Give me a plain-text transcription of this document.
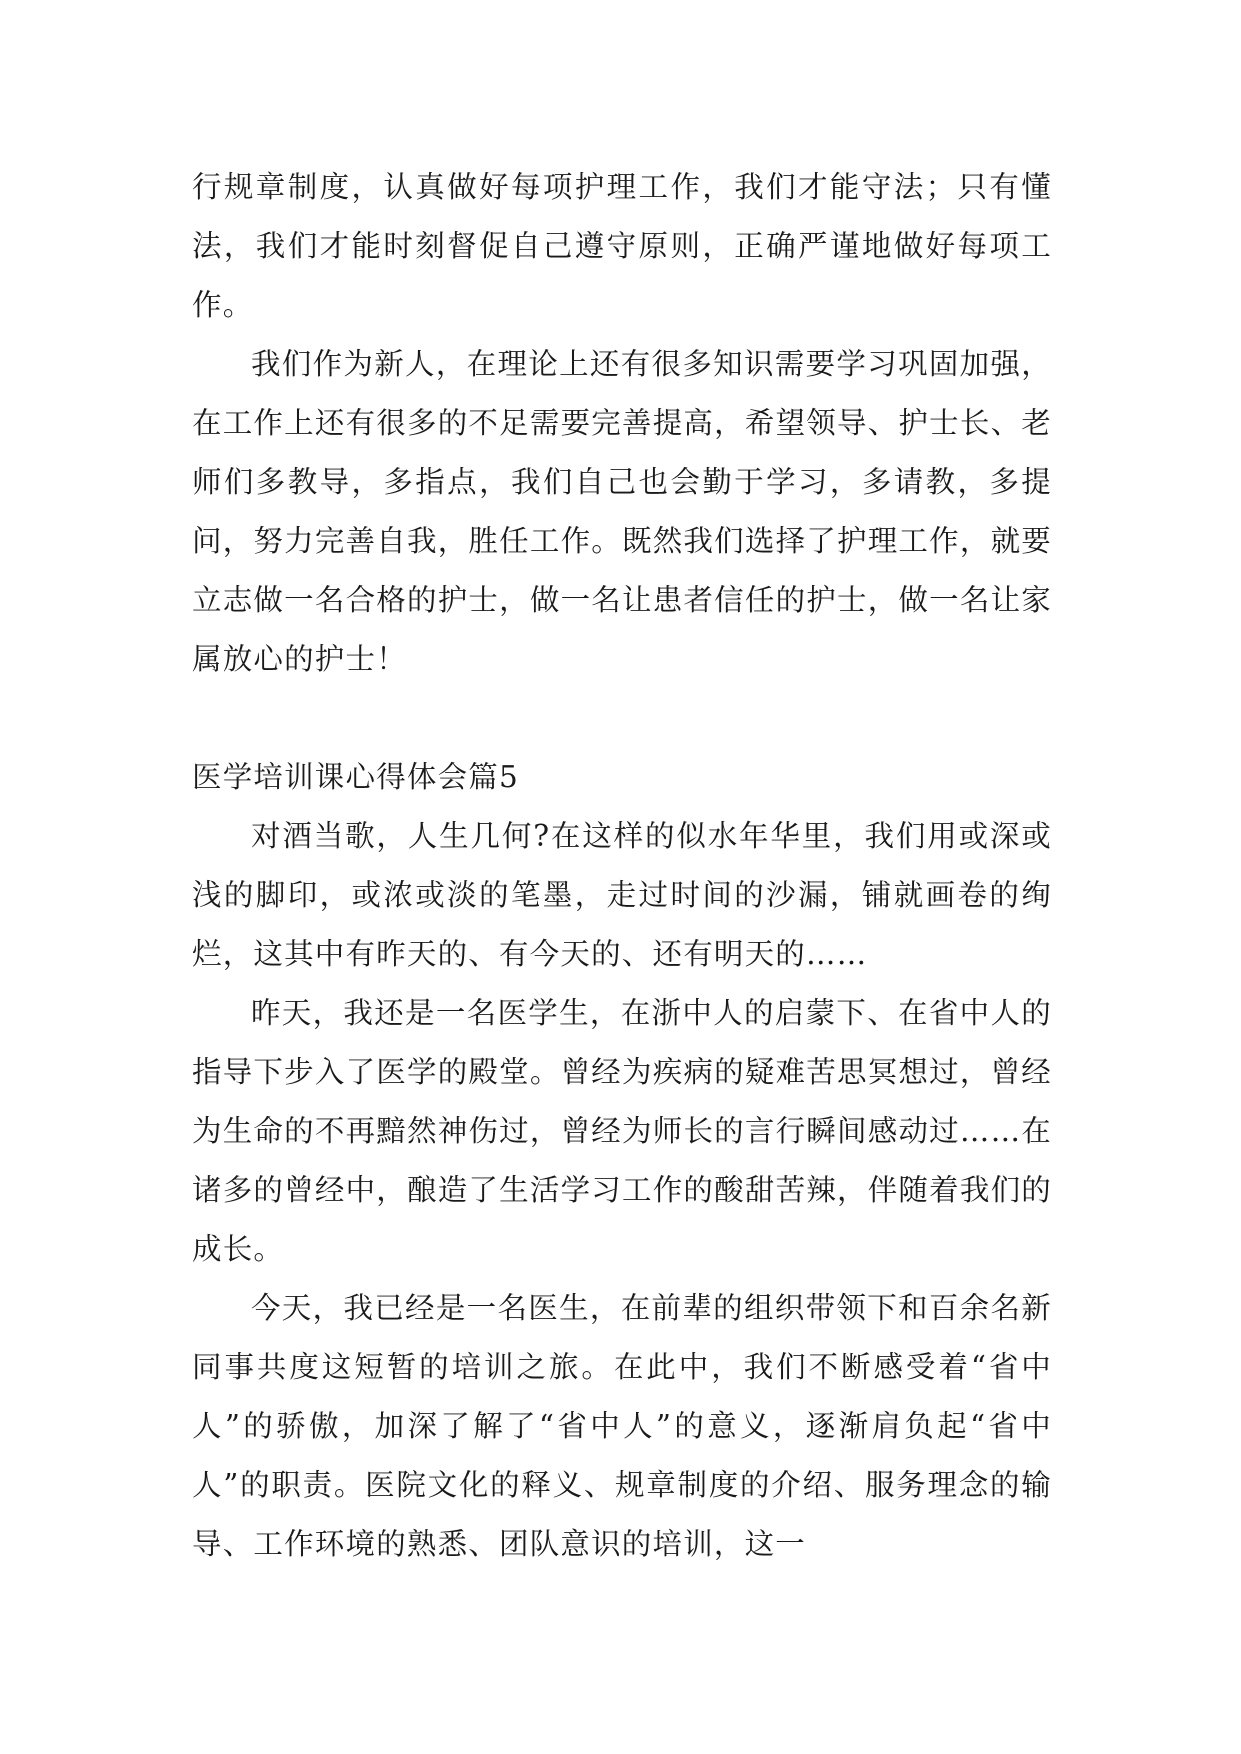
行规章制度，认真做好每项护理工作，我们才能守法；只有懂法，我们才能时刻督促自己遵守原则，正确严谨地做好每项工作。

我们作为新人，在理论上还有很多知识需要学习巩固加强，在工作上还有很多的不足需要完善提高，希望领导、护士长、老师们多教导，多指点，我们自己也会勤于学习，多请教，多提问，努力完善自我，胜任工作。既然我们选择了护理工作，就要立志做一名合格的护士，做一名让患者信任的护士，做一名让家属放心的护士！

医学培训课心得体会篇5

对酒当歌，人生几何?在这样的似水年华里，我们用或深或浅的脚印，或浓或淡的笔墨，走过时间的沙漏，铺就画卷的绚烂，这其中有昨天的、有今天的、还有明天的……

昨天，我还是一名医学生，在浙中人的启蒙下、在省中人的指导下步入了医学的殿堂。曾经为疾病的疑难苦思冥想过，曾经为生命的不再黯然神伤过，曾经为师长的言行瞬间感动过……在诸多的曾经中，酿造了生活学习工作的酸甜苦辣，伴随着我们的成长。

今天，我已经是一名医生，在前辈的组织带领下和百余名新同事共度这短暂的培训之旅。在此中，我们不断感受着“省中人”的骄傲，加深了解了“省中人”的意义，逐渐肩负起“省中人”的职责。医院文化的释义、规章制度的介绍、服务理念的输导、工作环境的熟悉、团队意识的培训，这一
